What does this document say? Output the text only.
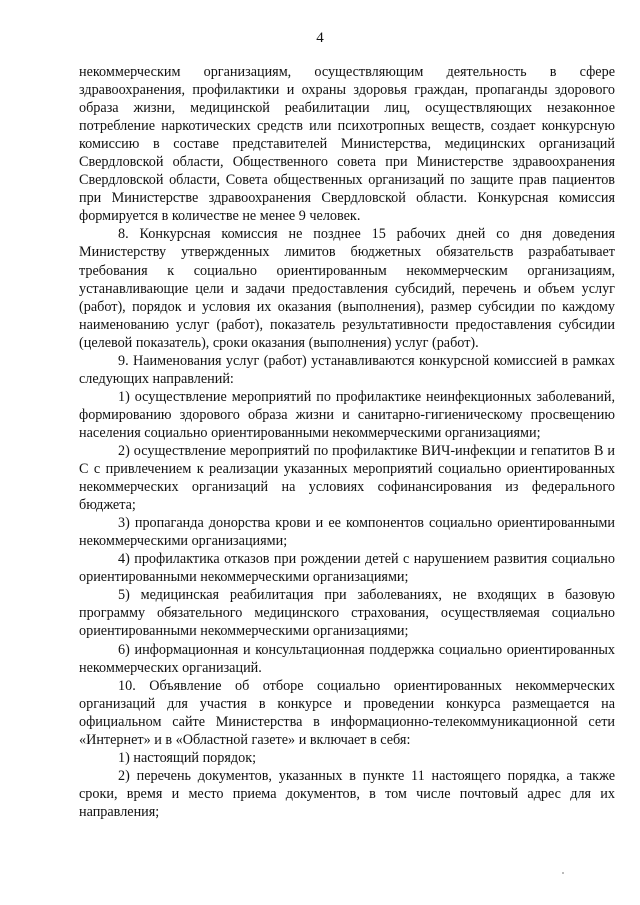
4

некоммерческим организациям, осуществляющим деятельность в сфере здравоохранения, профилактики и охраны здоровья граждан, пропаганды здорового образа жизни, медицинской реабилитации лиц, осуществляющих незаконное потребление наркотических средств или психотропных веществ, создает конкурсную комиссию в составе представителей Министерства, медицинских организаций Свердловской области, Общественного совета при Министерстве здравоохранения Свердловской области, Совета общественных организаций по защите прав пациентов при Министерстве здравоохранения Свердловской области. Конкурсная комиссия формируется в количестве не менее 9 человек.

8. Конкурсная комиссия не позднее 15 рабочих дней со дня доведения Министерству утвержденных лимитов бюджетных обязательств разрабатывает требования к социально ориентированным некоммерческим организациям, устанавливающие цели и задачи предоставления субсидий, перечень и объем услуг (работ), порядок и условия их оказания (выполнения), размер субсидии по каждому наименованию услуг (работ), показатель результативности предоставления субсидии (целевой показатель), сроки оказания (выполнения) услуг (работ).

9. Наименования услуг (работ) устанавливаются конкурсной комиссией в рамках следующих направлений:

1) осуществление мероприятий по профилактике неинфекционных заболеваний, формированию здорового образа жизни и санитарно-гигиеническому просвещению населения социально ориентированными некоммерческими организациями;

2) осуществление мероприятий по профилактике ВИЧ-инфекции и гепатитов В и С с привлечением к реализации указанных мероприятий социально ориентированных некоммерческих организаций на условиях софинансирования из федерального бюджета;

3) пропаганда донорства крови и ее компонентов социально ориентированными некоммерческими организациями;

4) профилактика отказов при рождении детей с нарушением развития социально ориентированными некоммерческими организациями;

5) медицинская реабилитация при заболеваниях, не входящих в базовую программу обязательного медицинского страхования, осуществляемая социально ориентированными некоммерческими организациями;

6) информационная и консультационная поддержка социально ориентированных некоммерческих организаций.

10. Объявление об отборе социально ориентированных некоммерческих организаций для участия в конкурсе и проведении конкурса размещается на официальном сайте Министерства в информационно-телекоммуникационной сети «Интернет» и в «Областной газете» и включает в себя:

1) настоящий порядок;

2) перечень документов, указанных в пункте 11 настоящего порядка, а также сроки, время и место приема документов, в том числе почтовый адрес для их направления;
